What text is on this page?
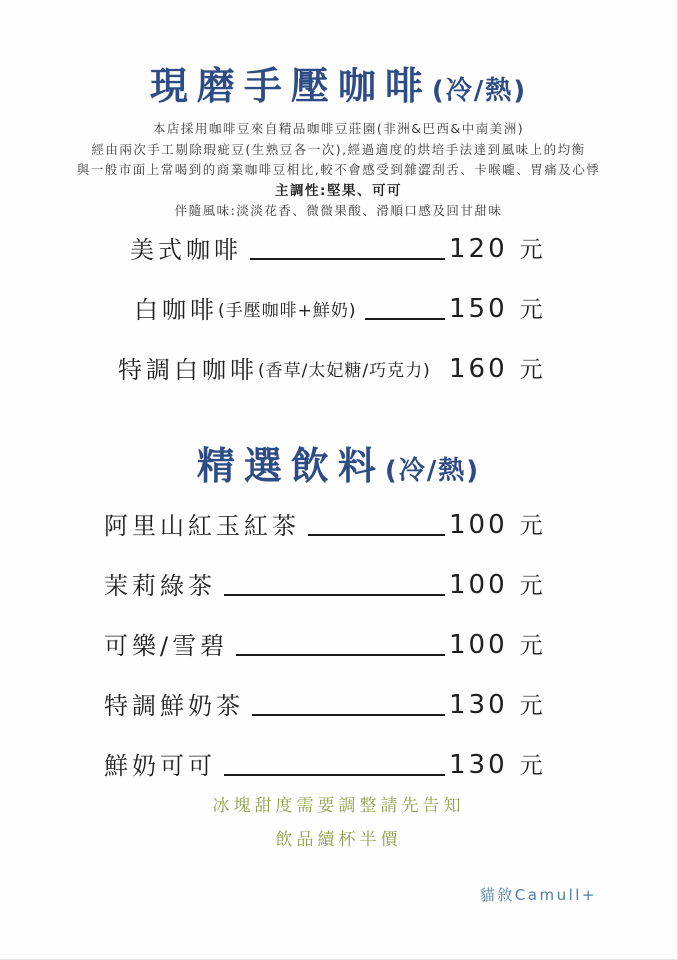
現磨手壓咖啡(冷/熱)

本店採用咖啡豆來自精品咖啡豆莊園(非洲&巴西&中南美洲)

經由兩次手工剔除瑕疵豆(生熟豆各一次),經過適度的烘培手法達到風味上的均衡

與一般市面上常喝到的商業咖啡豆相比,較不會感受到雜澀刮舌、卡喉嚨、胃痛及心悸

主調性:堅果、可可

伴隨風味:淡淡花香、微微果酸、滑順口感及回甘甜味

美式咖啡	120 元
白咖啡 (手壓咖啡+鮮奶)	150 元
特調白咖啡 (香草/太妃糖/巧克力) 160 元
精選飲料(冷/熱)
阿里山紅玉紅茶	100 元
茉莉綠茶	100 元
可樂/雪碧	100 元
特調鮮奶茶	130 元
鮮奶可可	130 元

冰塊甜度需要調整請先告知

飲品續杯半價

貓敘Camull+
